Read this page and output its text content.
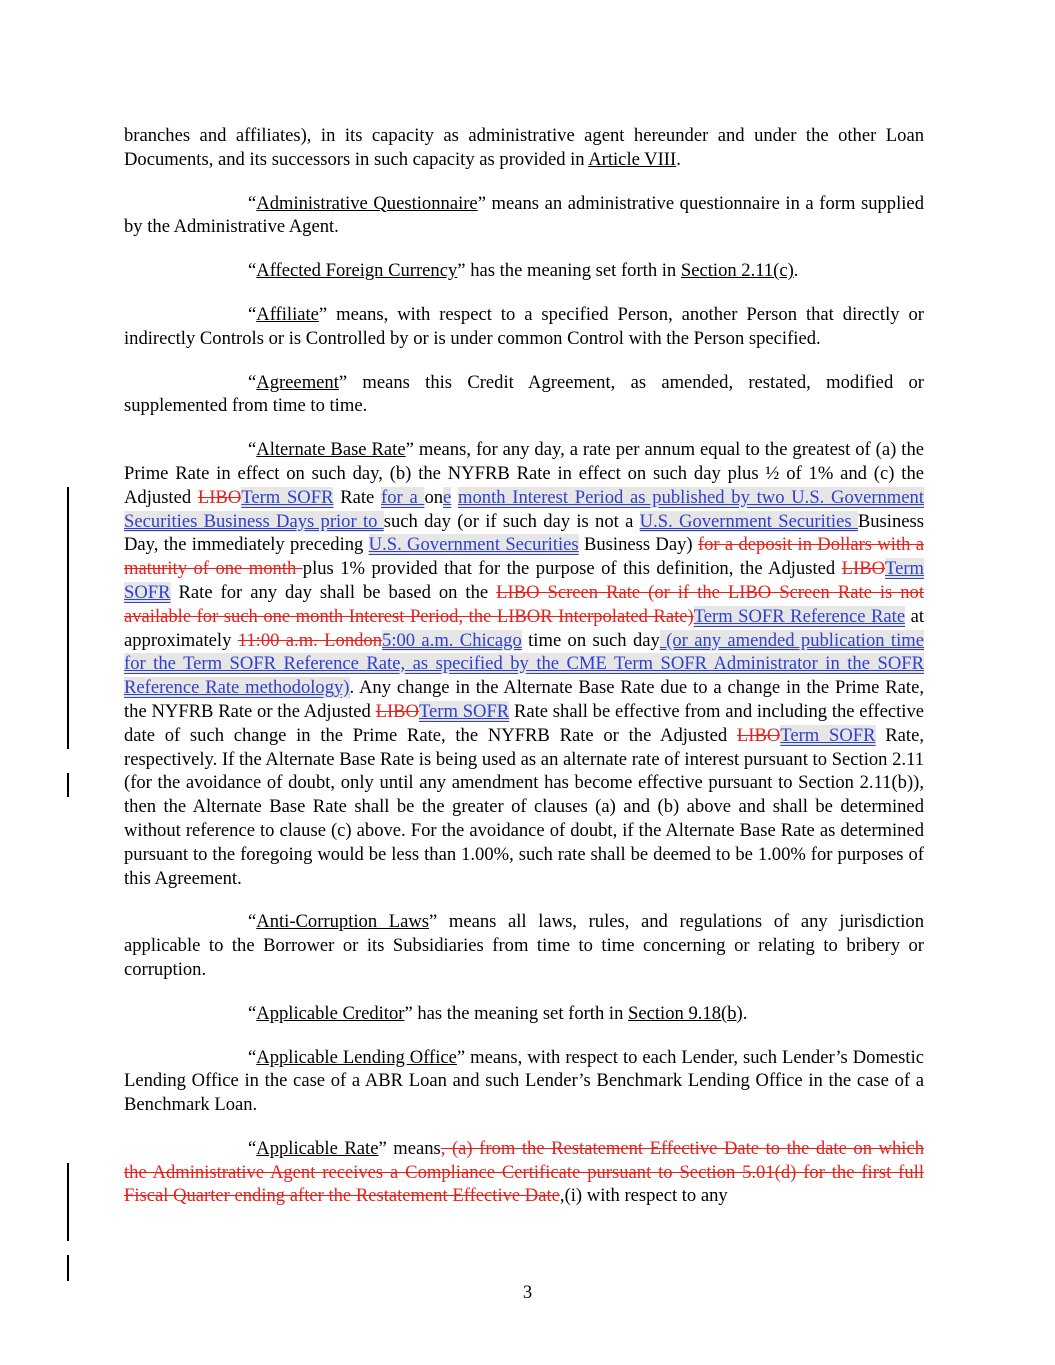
branches and affiliates), in its capacity as administrative agent hereunder and under the other Loan Documents, and its successors in such capacity as provided in Article VIII.

“Administrative Questionnaire” means an administrative questionnaire in a form supplied by the Administrative Agent.

“Affected Foreign Currency” has the meaning set forth in Section 2.11(c).

“Affiliate” means, with respect to a specified Person, another Person that directly or indirectly Controls or is Controlled by or is under common Control with the Person specified.

“Agreement” means this Credit Agreement, as amended, restated, modified or supplemented from time to time.

“Alternate Base Rate” means, for any day, a rate per annum equal to the greatest of (a) the Prime Rate in effect on such day, (b) the NYFRB Rate in effect on such day plus ½ of 1% and (c) the Adjusted LIBOTerm SOFR Rate for a one month Interest Period as published by two U.S. Government Securities Business Days prior to such day (or if such day is not a U.S. Government Securities Business Day, the immediately preceding U.S. Government Securities Business Day) for a deposit in Dollars with a maturity of one month plus 1% provided that for the purpose of this definition, the Adjusted LIBOTerm SOFR Rate for any day shall be based on the LIBO Screen Rate (or if the LIBO Screen Rate is not available for such one month Interest Period, the LIBOR Interpolated Rate)Term SOFR Reference Rate at approximately 11:00 a.m. London5:00 a.m. Chicago time on such day (or any amended publication time for the Term SOFR Reference Rate, as specified by the CME Term SOFR Administrator in the SOFR Reference Rate methodology). Any change in the Alternate Base Rate due to a change in the Prime Rate, the NYFRB Rate or the Adjusted LIBOTerm SOFR Rate shall be effective from and including the effective date of such change in the Prime Rate, the NYFRB Rate or the Adjusted LIBOTerm SOFR Rate, respectively. If the Alternate Base Rate is being used as an alternate rate of interest pursuant to Section 2.11 (for the avoidance of doubt, only until any amendment has become effective pursuant to Section 2.11(b)), then the Alternate Base Rate shall be the greater of clauses (a) and (b) above and shall be determined without reference to clause (c) above. For the avoidance of doubt, if the Alternate Base Rate as determined pursuant to the foregoing would be less than 1.00%, such rate shall be deemed to be 1.00% for purposes of this Agreement.

“Anti-Corruption Laws” means all laws, rules, and regulations of any jurisdiction applicable to the Borrower or its Subsidiaries from time to time concerning or relating to bribery or corruption.

“Applicable Creditor” has the meaning set forth in Section 9.18(b).

“Applicable Lending Office” means, with respect to each Lender, such Lender’s Domestic Lending Office in the case of a ABR Loan and such Lender’s Benchmark Lending Office in the case of a Benchmark Loan.

“Applicable Rate” means, (a) from the Restatement Effective Date to the date on which the Administrative Agent receives a Compliance Certificate pursuant to Section 5.01(d) for the first full Fiscal Quarter ending after the Restatement Effective Date,(i) with respect to any

3
